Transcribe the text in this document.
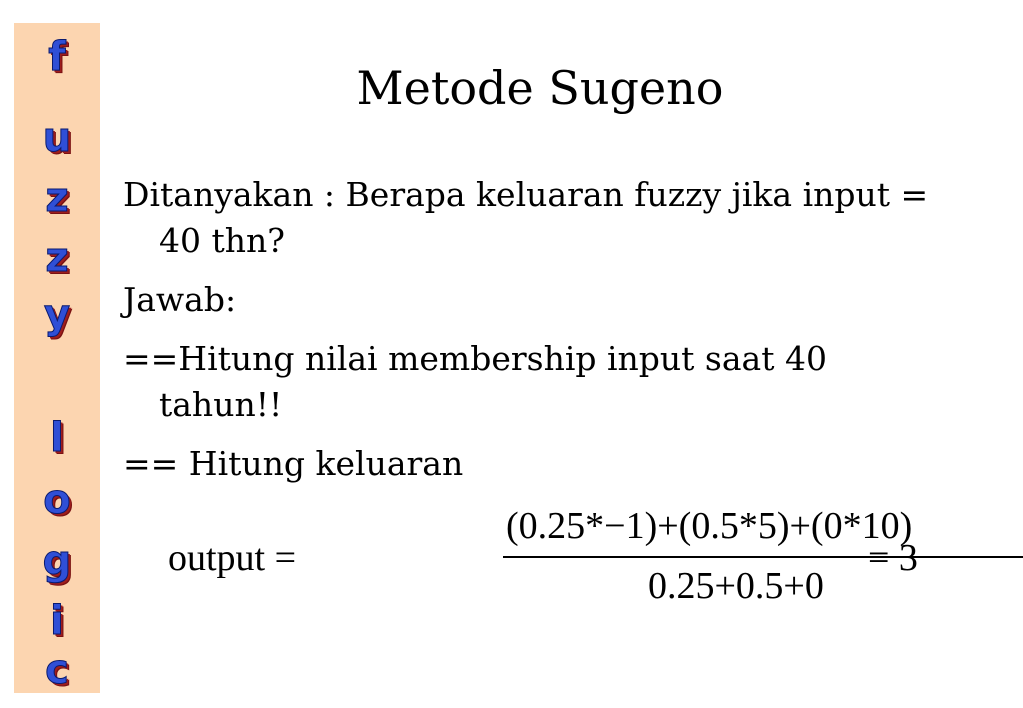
f
u
z
z
y
l
o
g
i
c
Metode Sugeno

Ditanyakan : Berapa keluaran fuzzy jika input = 40 thn?

Jawab:

==Hitung nilai membership input saat 40 tahun!!

== Hitung keluaran

output =
(0.25*−1)+(0.5*5)+(0*10)
0.25+0.5+0
= 3
